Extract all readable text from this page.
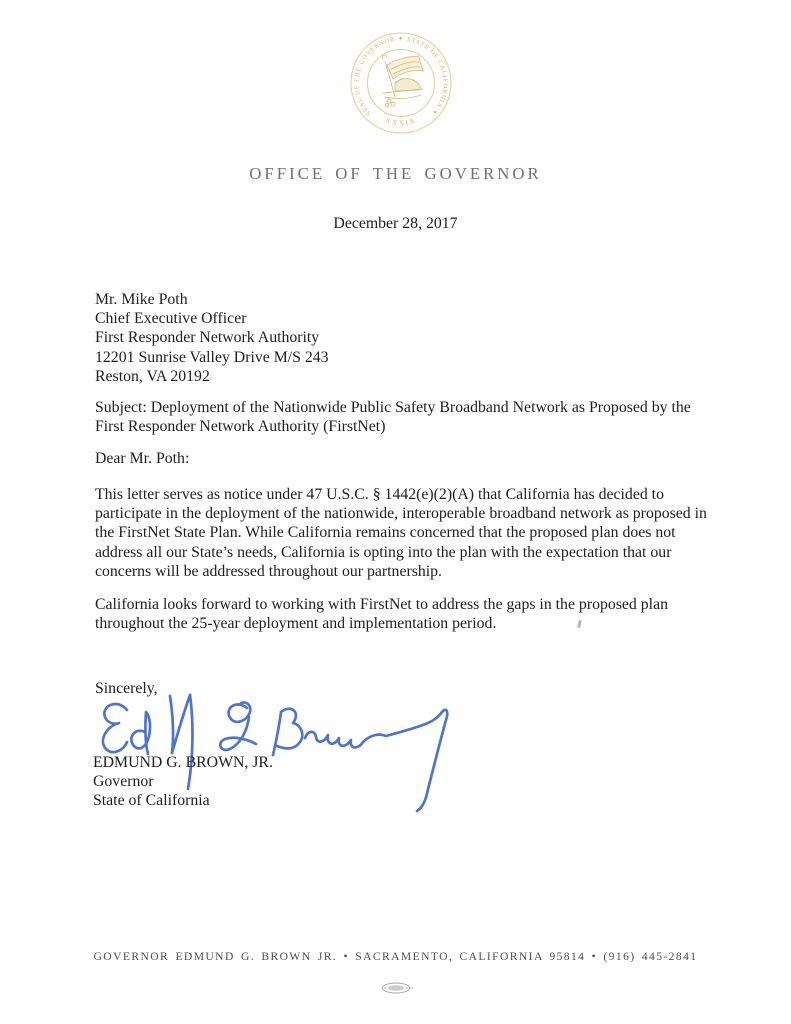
SEAL OF THE GOVERNOR ✦ STATE OF CALIFORNIA ✦
XXXIX
OFFICE OF THE GOVERNOR
December 28, 2017
Mr. Mike Poth
Chief Executive Officer
First Responder Network Authority
12201 Sunrise Valley Drive M/S 243
Reston, VA 20192
Subject: Deployment of the Nationwide Public Safety Broadband Network as Proposed by the
First Responder Network Authority (FirstNet)
Dear Mr. Poth:
This letter serves as notice under 47 U.S.C. § 1442(e)(2)(A) that California has decided to
participate in the deployment of the nationwide, interoperable broadband network as proposed in
the FirstNet State Plan. While California remains concerned that the proposed plan does not
address all our State’s needs, California is opting into the plan with the expectation that our
concerns will be addressed throughout our partnership.
California looks forward to working with FirstNet to address the gaps in the proposed plan
throughout the 25-year deployment and implementation period.
Sincerely,
EDMUND G. BROWN, JR.
Governor
State of California
GOVERNOR EDMUND G. BROWN JR. • SACRAMENTO, CALIFORNIA 95814 • (916) 445-2841
